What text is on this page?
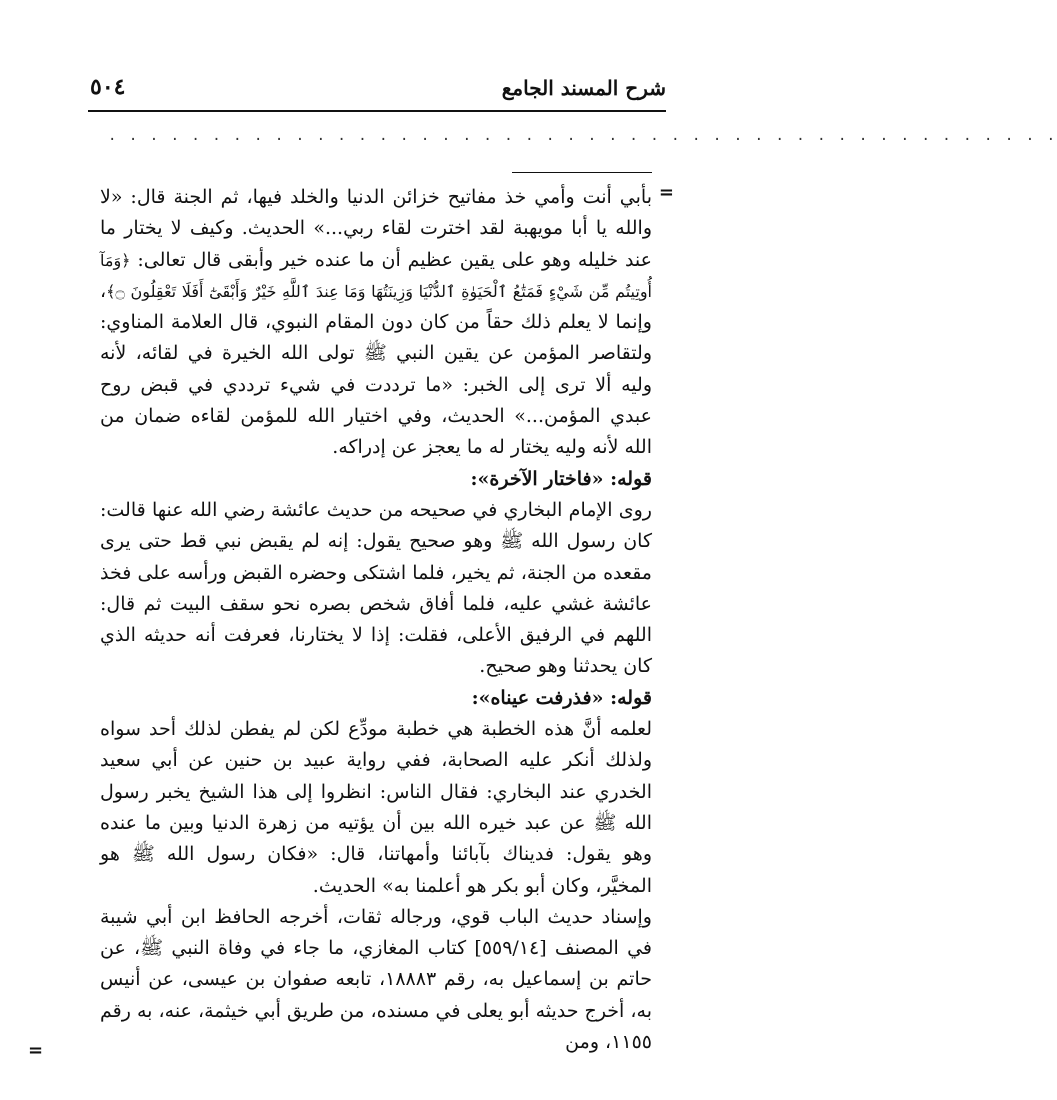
٥٠٤	شرح المسند الجامع
. . . . . . . . . . . . . . . . . . . . . . . . . . . . . . . . . . . . . . . . . . . . . .
=

بأبي أنت وأمي خذ مفاتيح خزائن الدنيا والخلد فيها، ثم الجنة قال: «لا والله يا أبا مويهبة لقد اخترت لقاء ربي...» الحديث. وكيف لا يختار ما عند خليله وهو على يقين عظيم أن ما عنده خير وأبقى قال تعالى: ﴿وَمَآ أُوتِيتُم مِّن شَيْءٍ فَمَتَٰعُ ٱلْحَيَوٰةِ ٱلدُّنْيَا وَزِينَتُهَا وَمَا عِندَ ٱللَّهِ خَيْرٌ وَأَبْقَىٰٓ أَفَلَا تَعْقِلُونَ ۝﴾، وإنما لا يعلم ذلك حقاً من كان دون المقام النبوي، قال العلامة المناوي: ولتقاصر المؤمن عن يقين النبي ﷺ تولى الله الخيرة في لقائه، لأنه وليه ألا ترى إلى الخبر: «ما ترددت في شيء ترددي في قبض روح عبدي المؤمن...» الحديث، وفي اختيار الله للمؤمن لقاءه ضمان من الله لأنه وليه يختار له ما يعجز عن إدراكه.

قوله: «فاختار الآخرة»:

روى الإمام البخاري في صحيحه من حديث عائشة رضي الله عنها قالت: كان رسول الله ﷺ وهو صحيح يقول: إنه لم يقبض نبي قط حتى يرى مقعده من الجنة، ثم يخير، فلما اشتكى وحضره القبض ورأسه على فخذ عائشة غشي عليه، فلما أفاق شخص بصره نحو سقف البيت ثم قال: اللهم في الرفيق الأعلى، فقلت: إذا لا يختارنا، فعرفت أنه حديثه الذي كان يحدثنا وهو صحيح.

قوله: «فذرفت عيناه»:

لعلمه أنَّ هذه الخطبة هي خطبة مودِّع لكن لم يفطن لذلك أحد سواه ولذلك أنكر عليه الصحابة، ففي رواية عبيد بن حنين عن أبي سعيد الخدري عند البخاري: فقال الناس: انظروا إلى هذا الشيخ يخبر رسول الله ﷺ عن عبد خيره الله بين أن يؤتيه من زهرة الدنيا وبين ما عنده وهو يقول: فديناك بآبائنا وأمهاتنا، قال: «فكان رسول الله ﷺ هو المخيَّر، وكان أبو بكر هو أعلمنا به» الحديث.

وإسناد حديث الباب قوي، ورجاله ثقات، أخرجه الحافظ ابن أبي شيبة في المصنف [٥٥٩/١٤] كتاب المغازي، ما جاء في وفاة النبي ﷺ، عن حاتم بن إسماعيل به، رقم ١٨٨٨٣، تابعه صفوان بن عيسى، عن أنيس به، أخرج حديثه أبو يعلى في مسنده، من طريق أبي خيثمة، عنه، به رقم ١١٥٥، ومن

=
